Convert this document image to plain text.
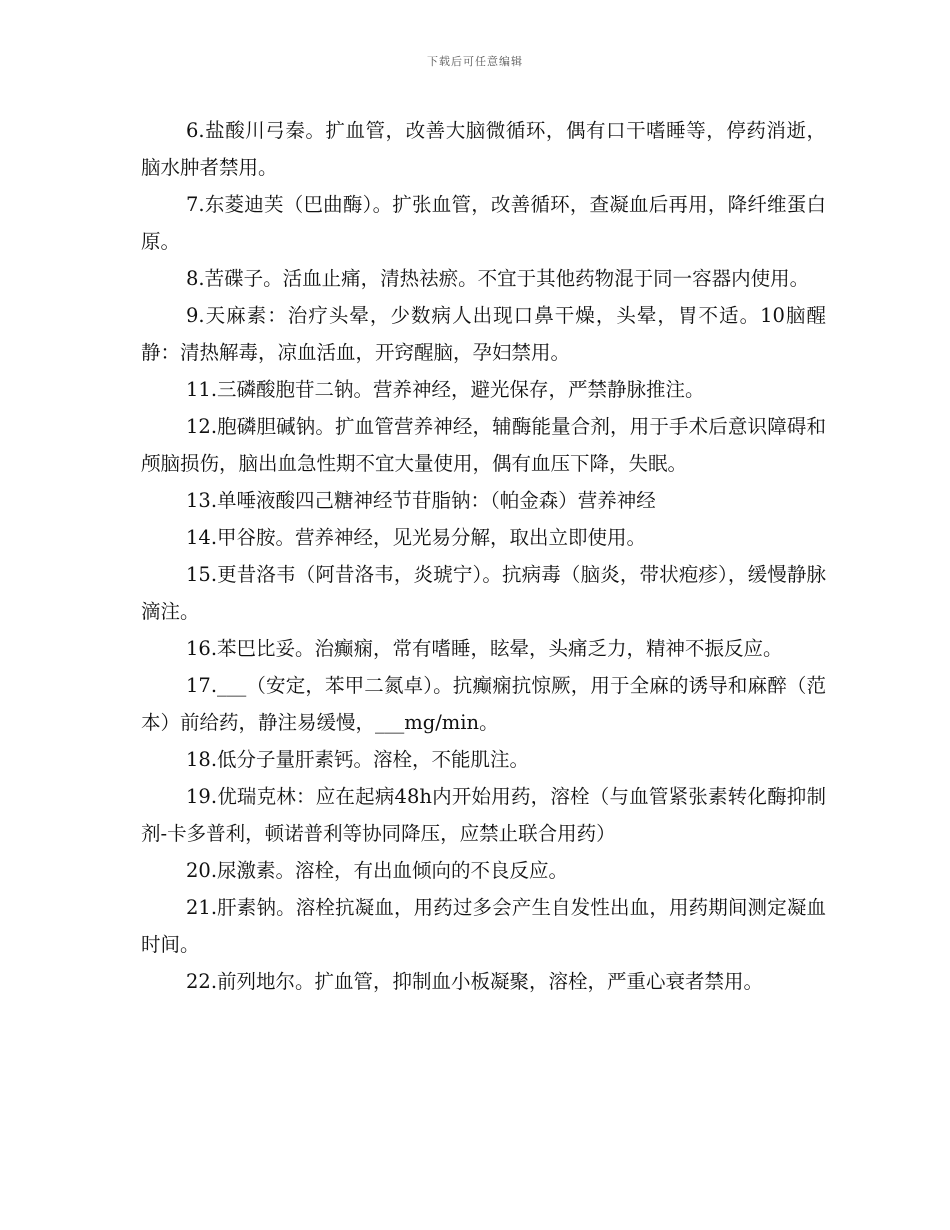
下载后可任意编辑

6.盐酸川弓秦。扩血管，改善大脑微循环，偶有口干嗜睡等，停药消逝，脑水肿者禁用。

7.东菱迪芙（巴曲酶）。扩张血管，改善循环，查凝血后再用，降纤维蛋白原。

8.苦碟子。活血止痛，清热祛瘀。不宜于其他药物混于同一容器内使用。

9.天麻素：治疗头晕，少数病人出现口鼻干燥，头晕，胃不适。10脑醒静：清热解毒，凉血活血，开窍醒脑，孕妇禁用。

11.三磷酸胞苷二钠。营养神经，避光保存，严禁静脉推注。

12.胞磷胆碱钠。扩血管营养神经，辅酶能量合剂，用于手术后意识障碍和颅脑损伤，脑出血急性期不宜大量使用，偶有血压下降，失眠。

13.单唾液酸四己糖神经节苷脂钠：（帕金森）营养神经

14.甲谷胺。营养神经，见光易分解，取出立即使用。

15.更昔洛韦（阿昔洛韦，炎琥宁）。抗病毒（脑炎，带状疱疹），缓慢静脉滴注。

16.苯巴比妥。治癫痫，常有嗜睡，眩晕，头痛乏力，精神不振反应。

17.___（安定，苯甲二氮卓）。抗癫痫抗惊厥，用于全麻的诱导和麻醉（范本）前给药，静注易缓慢，___mg/min。

18.低分子量肝素钙。溶栓，不能肌注。

19.优瑞克林：应在起病48h内开始用药，溶栓（与血管紧张素转化酶抑制剂-卡多普利，顿诺普利等协同降压，应禁止联合用药）

20.尿激素。溶栓，有出血倾向的不良反应。

21.肝素钠。溶栓抗凝血，用药过多会产生自发性出血，用药期间测定凝血时间。

22.前列地尔。扩血管，抑制血小板凝聚，溶栓，严重心衰者禁用。
